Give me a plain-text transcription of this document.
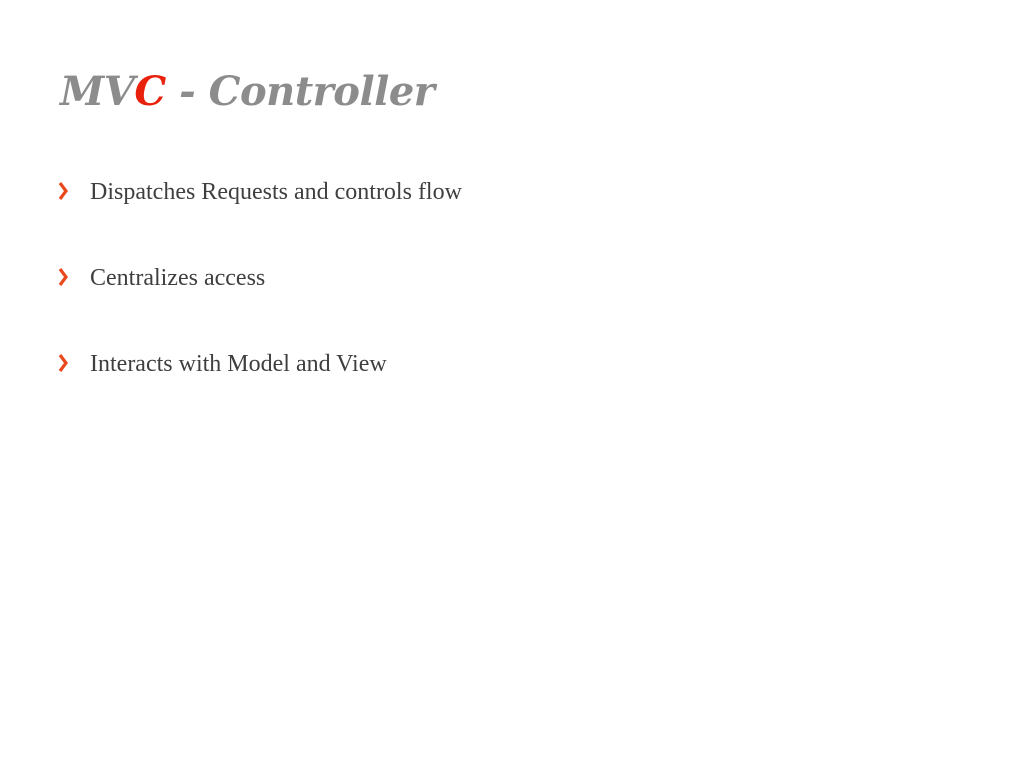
MVC - Controller
Dispatches Requests and controls flow
Centralizes access
Interacts with Model and View
